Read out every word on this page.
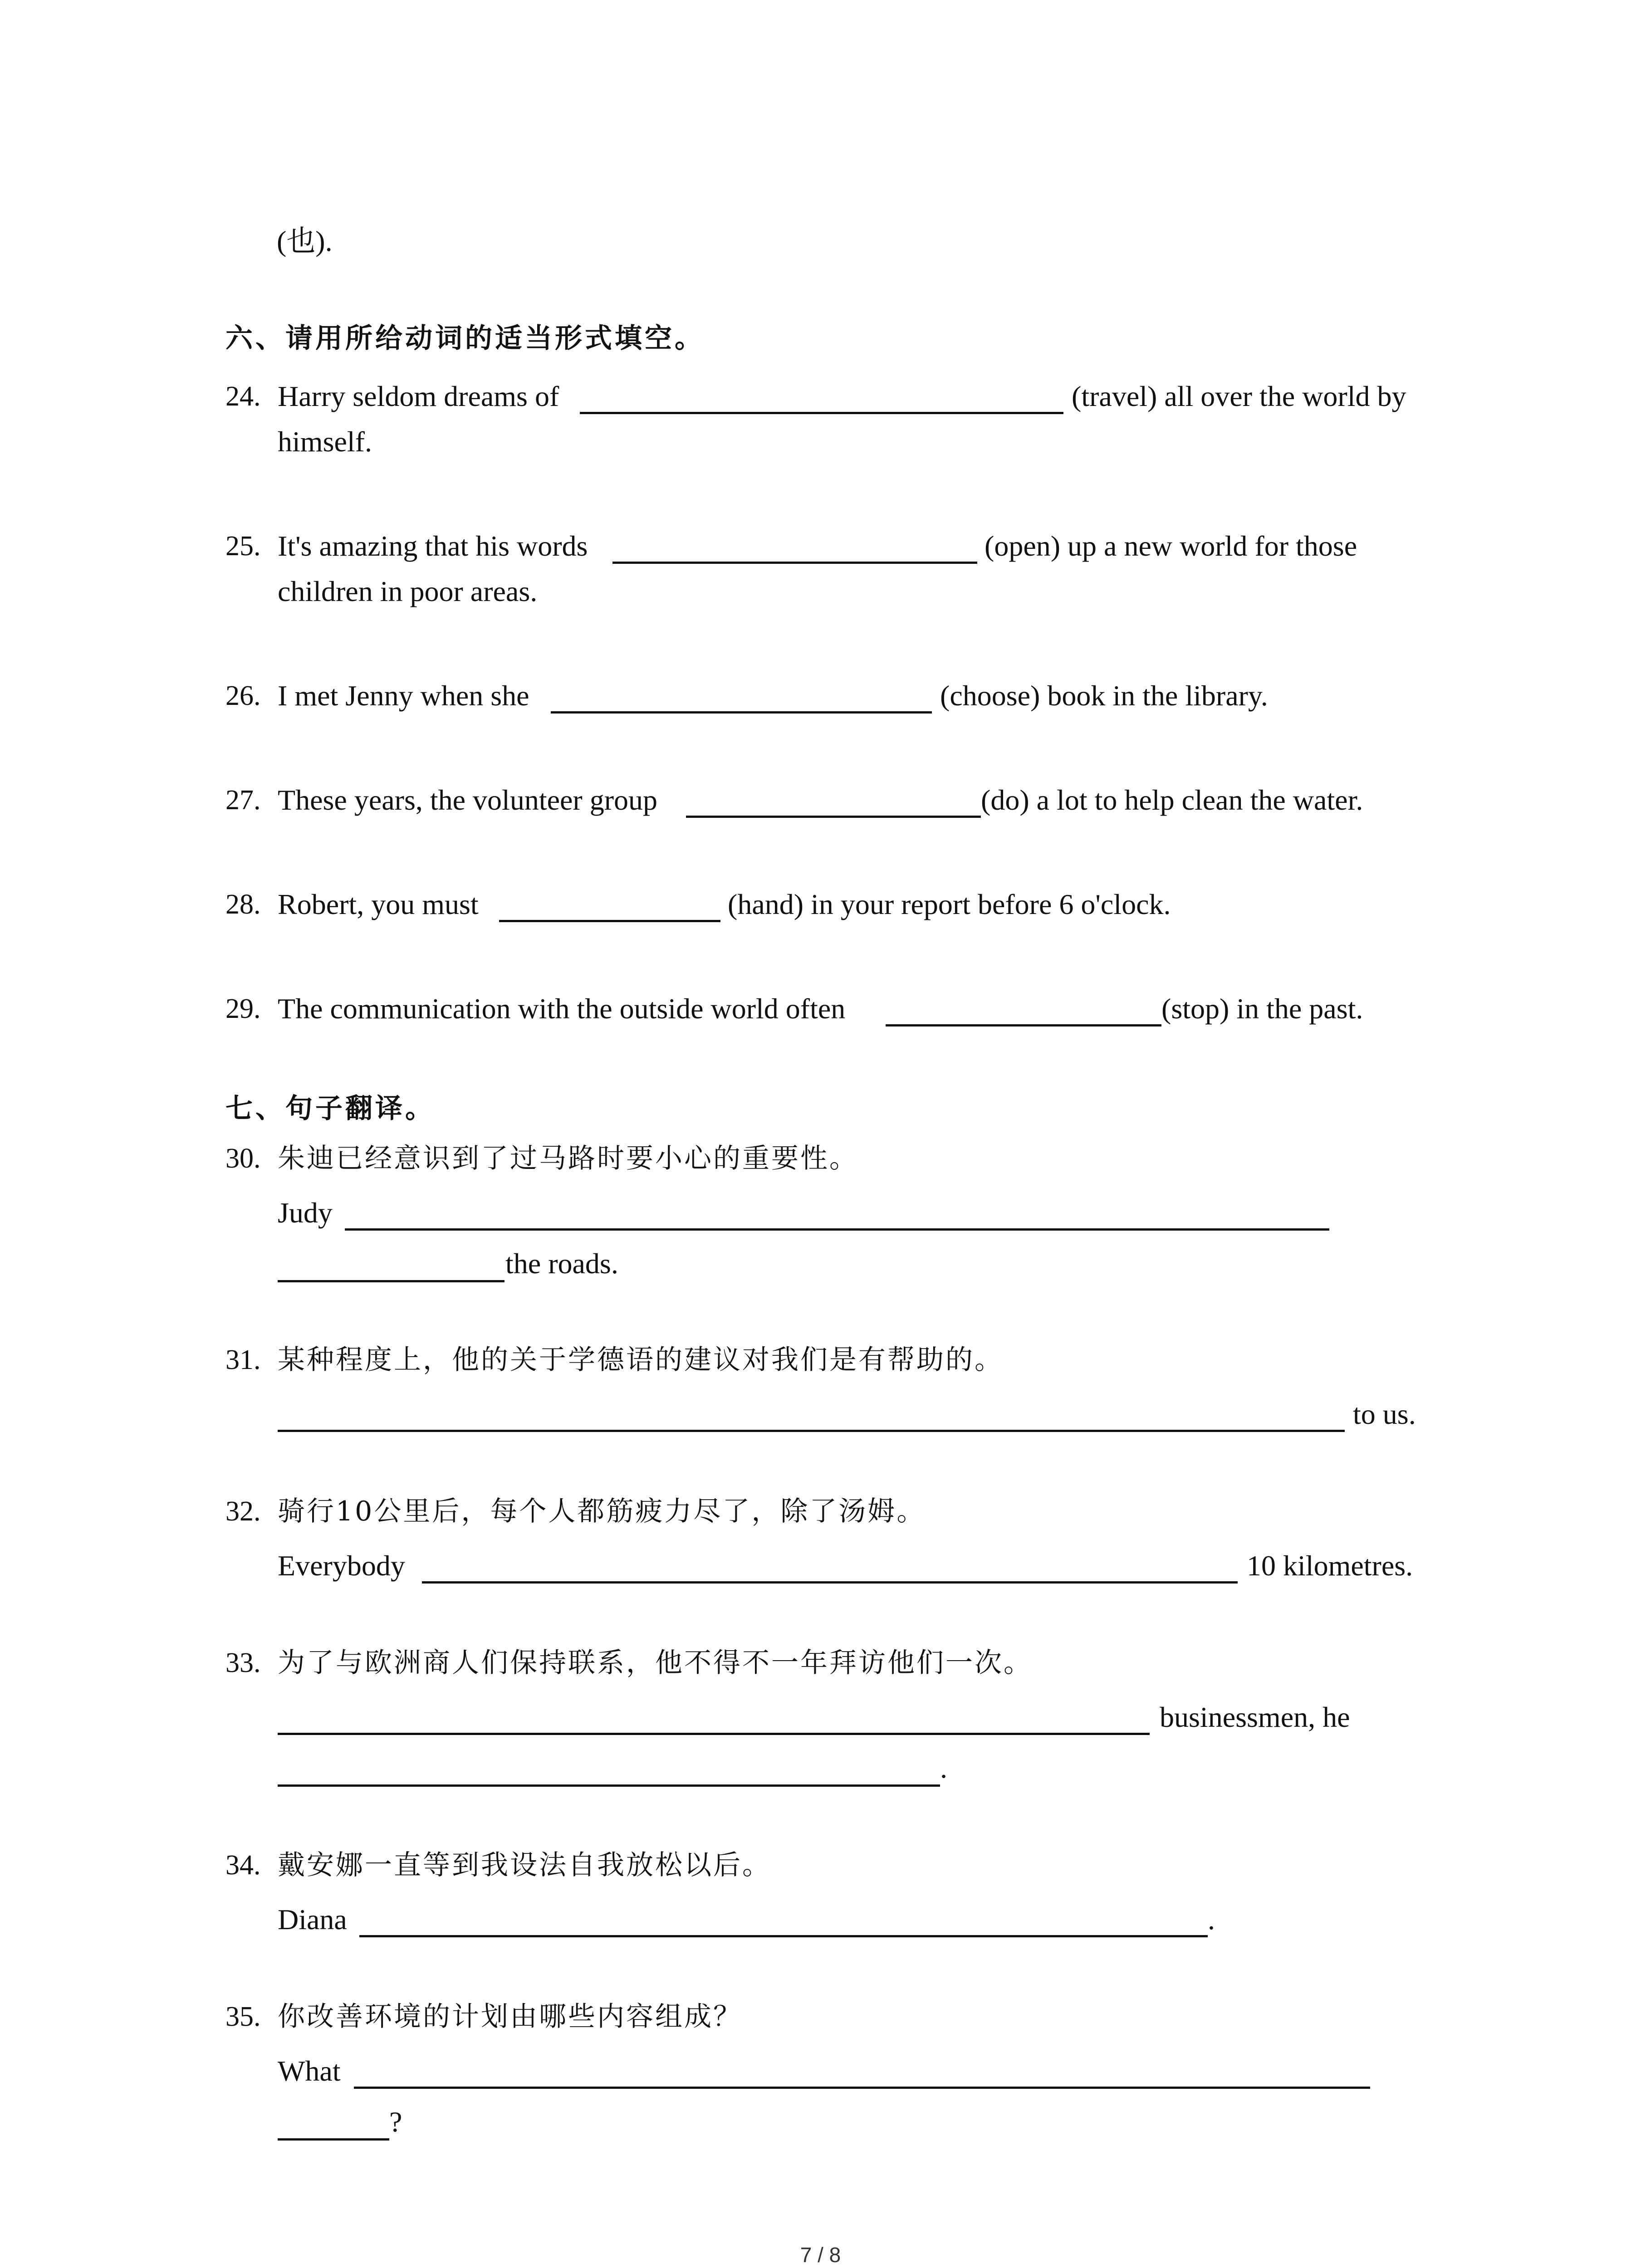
(也).
六、请用所给动词的适当形式填空。
24. Harry seldom dreams of	(travel) all over the world by
himself.
25. It's amazing that his words	(open) up a new world for those
children in poor areas.
26. I met Jenny when she	(choose) book in the library.
27. These years, the volunteer group	(do) a lot to help clean the water.
28. Robert, you must	(hand) in your report before 6 o'clock.
29. The communication with the outside world often	(stop) in the past.
七、句子翻译。
30. 朱迪已经意识到了过马路时要小心的重要性。
Judy
the roads.
31. 某种程度上，他的关于学德语的建议对我们是有帮助的。
to us.
32. 骑行10公里后，每个人都筋疲力尽了，除了汤姆。
Everybody	10 kilometres.
33. 为了与欧洲商人们保持联系，他不得不一年拜访他们一次。
businessmen, he
.
34. 戴安娜一直等到我设法自我放松以后。
Diana	.
35. 你改善环境的计划由哪些内容组成？
What
?
7 / 8
